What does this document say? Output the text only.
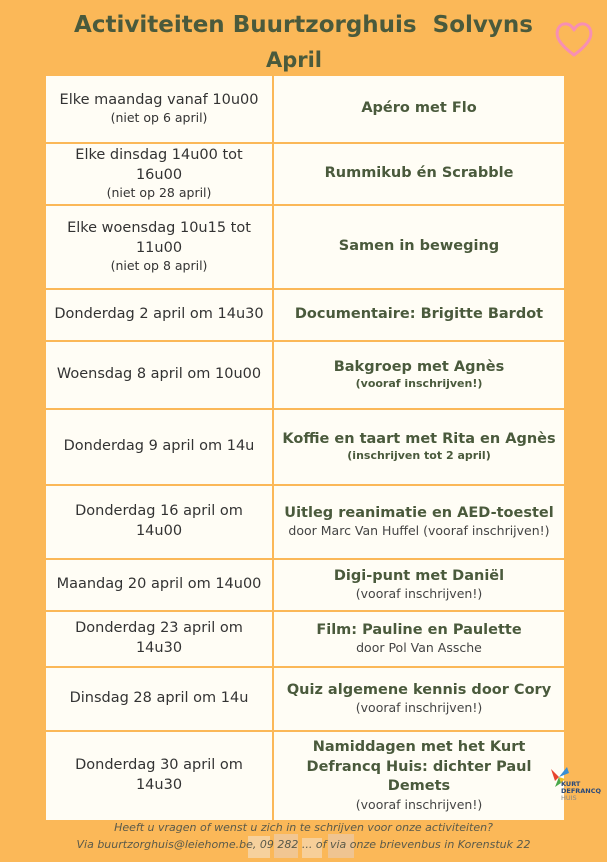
Activiteiten Buurtzorghuis  Solvyns
April
Elke maandag vanaf 10u00
(niet op 6 april)	Apéro met Flo

Elke dinsdag 14u00 tot 16u00
(niet op 28 april)	Rummikub én Scrabble

Elke woensdag 10u15 tot 11u00
(niet op 8 april)	Samen in beweging

Donderdag 2 april om 14u30	Documentaire: Brigitte Bardot

Woensdag 8 april om 10u00	Bakgroep met Agnès
(vooraf inschrijven!)

Donderdag 9 april om 14u	Koffie en taart met Rita en Agnès
(inschrijven tot 2 april)

Donderdag 16 april om 14u00	Uitleg reanimatie en AED-toestel
door Marc Van Huffel (vooraf inschrijven!)

Maandag 20 april om 14u00	Digi-punt met Daniël
(vooraf inschrijven!)

Donderdag 23 april om 14u30	Film: Pauline en Paulette
door Pol Van Assche

Dinsdag 28 april om 14u	Quiz algemene kennis door Cory
(vooraf inschrijven!)

Donderdag 30 april om 14u30	Namiddagen met het Kurt Defrancq Huis: dichter Paul Demets
(vooraf inschrijven!)
KURT
DEFRANCQ
HUIS
Heeft u vragen of wenst u zich in te schrijven voor onze activiteiten?
Via buurtzorghuis@leiehome.be, 09 282 ... of via onze brievenbus in Korenstuk 22
